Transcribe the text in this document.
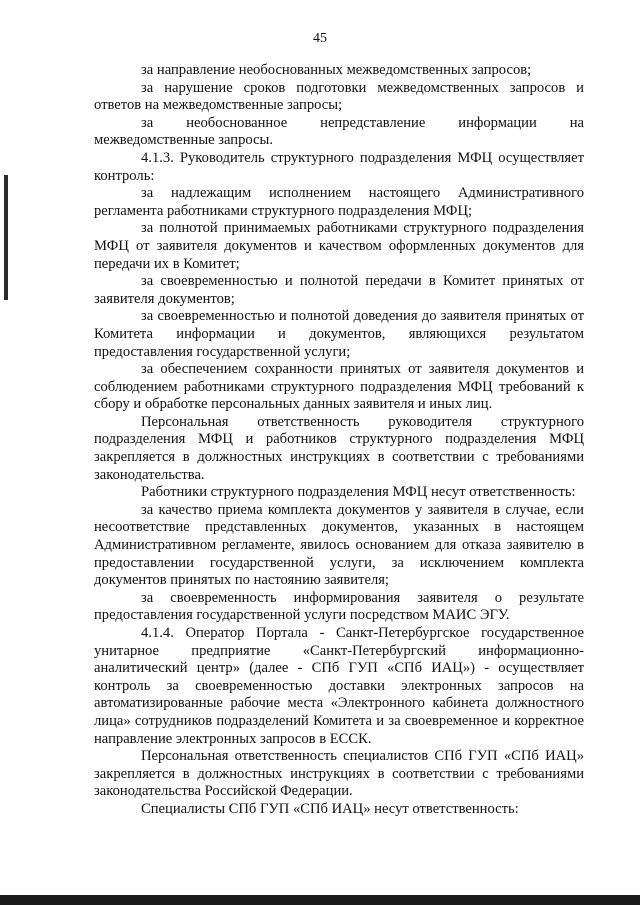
45

за направление необоснованных межведомственных запросов;

за нарушение сроков подготовки межведомственных запросов и ответов на межведомственные запросы;

за необоснованное непредставление информации на межведомственные запросы.

4.1.3. Руководитель структурного подразделения МФЦ осуществляет контроль:

за надлежащим исполнением настоящего Административного регламента работниками структурного подразделения МФЦ;

за полнотой принимаемых работниками структурного подразделения МФЦ от заявителя документов и качеством оформленных документов для передачи их в Комитет;

за своевременностью и полнотой передачи в Комитет принятых от заявителя документов;

за своевременностью и полнотой доведения до заявителя принятых от Комитета информации и документов, являющихся результатом предоставления государственной услуги;

за обеспечением сохранности принятых от заявителя документов и соблюдением работниками структурного подразделения МФЦ требований к сбору и обработке персональных данных заявителя и иных лиц.

Персональная ответственность руководителя структурного подразделения МФЦ и работников структурного подразделения МФЦ закрепляется в должностных инструкциях в соответствии с требованиями законодательства.

Работники структурного подразделения МФЦ несут ответственность:

за качество приема комплекта документов у заявителя в случае, если несоответствие представленных документов, указанных в настоящем Административном регламенте, явилось основанием для отказа заявителю в предоставлении государственной услуги, за исключением комплекта документов принятых по настоянию заявителя;

за своевременность информирования заявителя о результате предоставления государственной услуги посредством МАИС ЭГУ.

4.1.4. Оператор Портала - Санкт-Петербургское государственное унитарное предприятие «Санкт-Петербургский информационно-аналитический центр» (далее - СПб ГУП «СПб ИАЦ») - осуществляет контроль за своевременностью доставки электронных запросов на автоматизированные рабочие места «Электронного кабинета должностного лица» сотрудников подразделений Комитета и за своевременное и корректное направление электронных запросов в ЕССК.

Персональная ответственность специалистов СПб ГУП «СПб ИАЦ» закрепляется в должностных инструкциях в соответствии с требованиями законодательства Российской Федерации.

Специалисты СПб ГУП «СПб ИАЦ» несут ответственность:
